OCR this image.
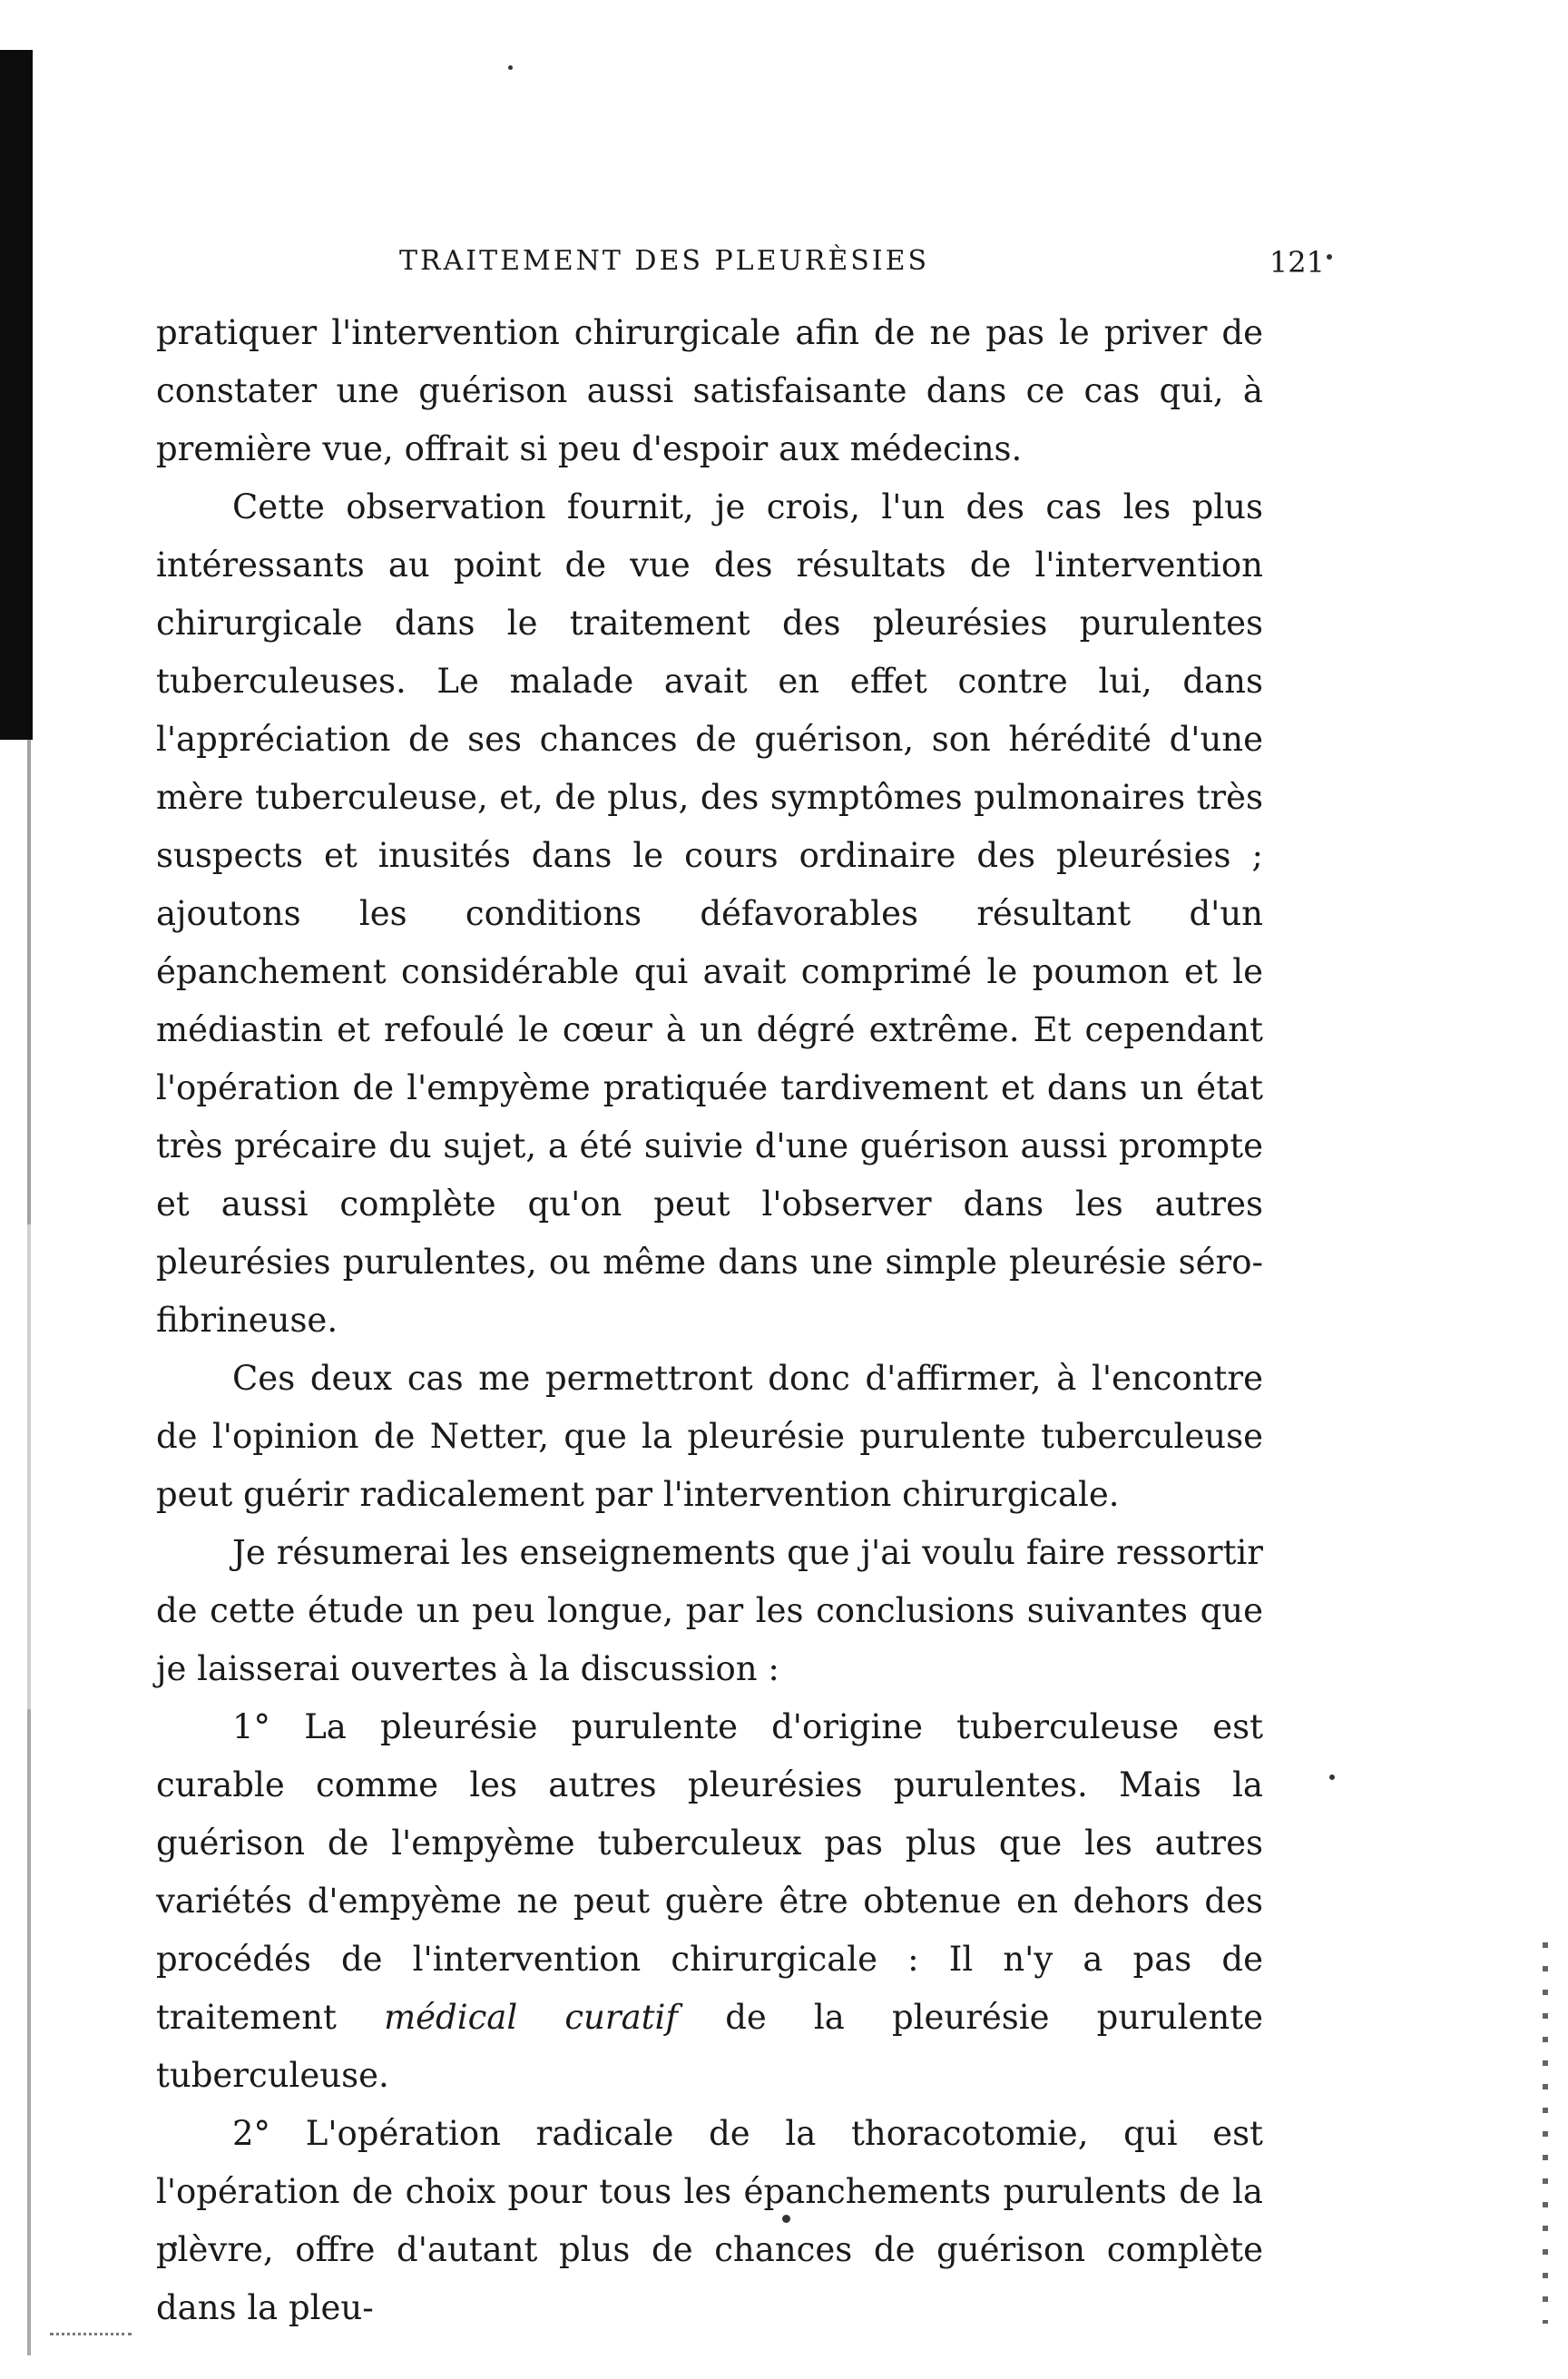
TRAITEMENT DES PLEURÈSIES	121

pratiquer l'intervention chirurgicale afin de ne pas le priver de constater une guérison aussi satisfaisante dans ce cas qui, à première vue, offrait si peu d'espoir aux médecins.

Cette observation fournit, je crois, l'un des cas les plus intéressants au point de vue des résultats de l'intervention chirurgicale dans le traitement des pleurésies purulentes tuberculeuses. Le malade avait en effet contre lui, dans l'appréciation de ses chances de guérison, son hérédité d'une mère tuberculeuse, et, de plus, des symptômes pulmonaires très suspects et inusités dans le cours ordinaire des pleurésies ; ajoutons les conditions défavorables résultant d'un épanchement considérable qui avait comprimé le poumon et le médiastin et refoulé le cœur à un dégré extrême. Et cependant l'opération de l'empyème pratiquée tardivement et dans un état très précaire du sujet, a été suivie d'une guérison aussi prompte et aussi complète qu'on peut l'observer dans les autres pleurésies purulentes, ou même dans une simple pleurésie séro-fibrineuse.

Ces deux cas me permettront donc d'affirmer, à l'encontre de l'opinion de Netter, que la pleurésie purulente tuberculeuse peut guérir radicalement par l'intervention chirurgicale.

Je résumerai les enseignements que j'ai voulu faire ressortir de cette étude un peu longue, par les conclusions suivantes que je laisserai ouvertes à la discussion :

1° La pleurésie purulente d'origine tuberculeuse est curable comme les autres pleurésies purulentes. Mais la guérison de l'empyème tuberculeux pas plus que les autres variétés d'empyème ne peut guère être obtenue en dehors des procédés de l'intervention chirurgicale : Il n'y a pas de traitement médical curatif de la pleurésie purulente tuberculeuse.

2° L'opération radicale de la thoracotomie, qui est l'opération de choix pour tous les épanchements purulents de la plèvre, offre d'autant plus de chances de guérison complète dans la pleu-
